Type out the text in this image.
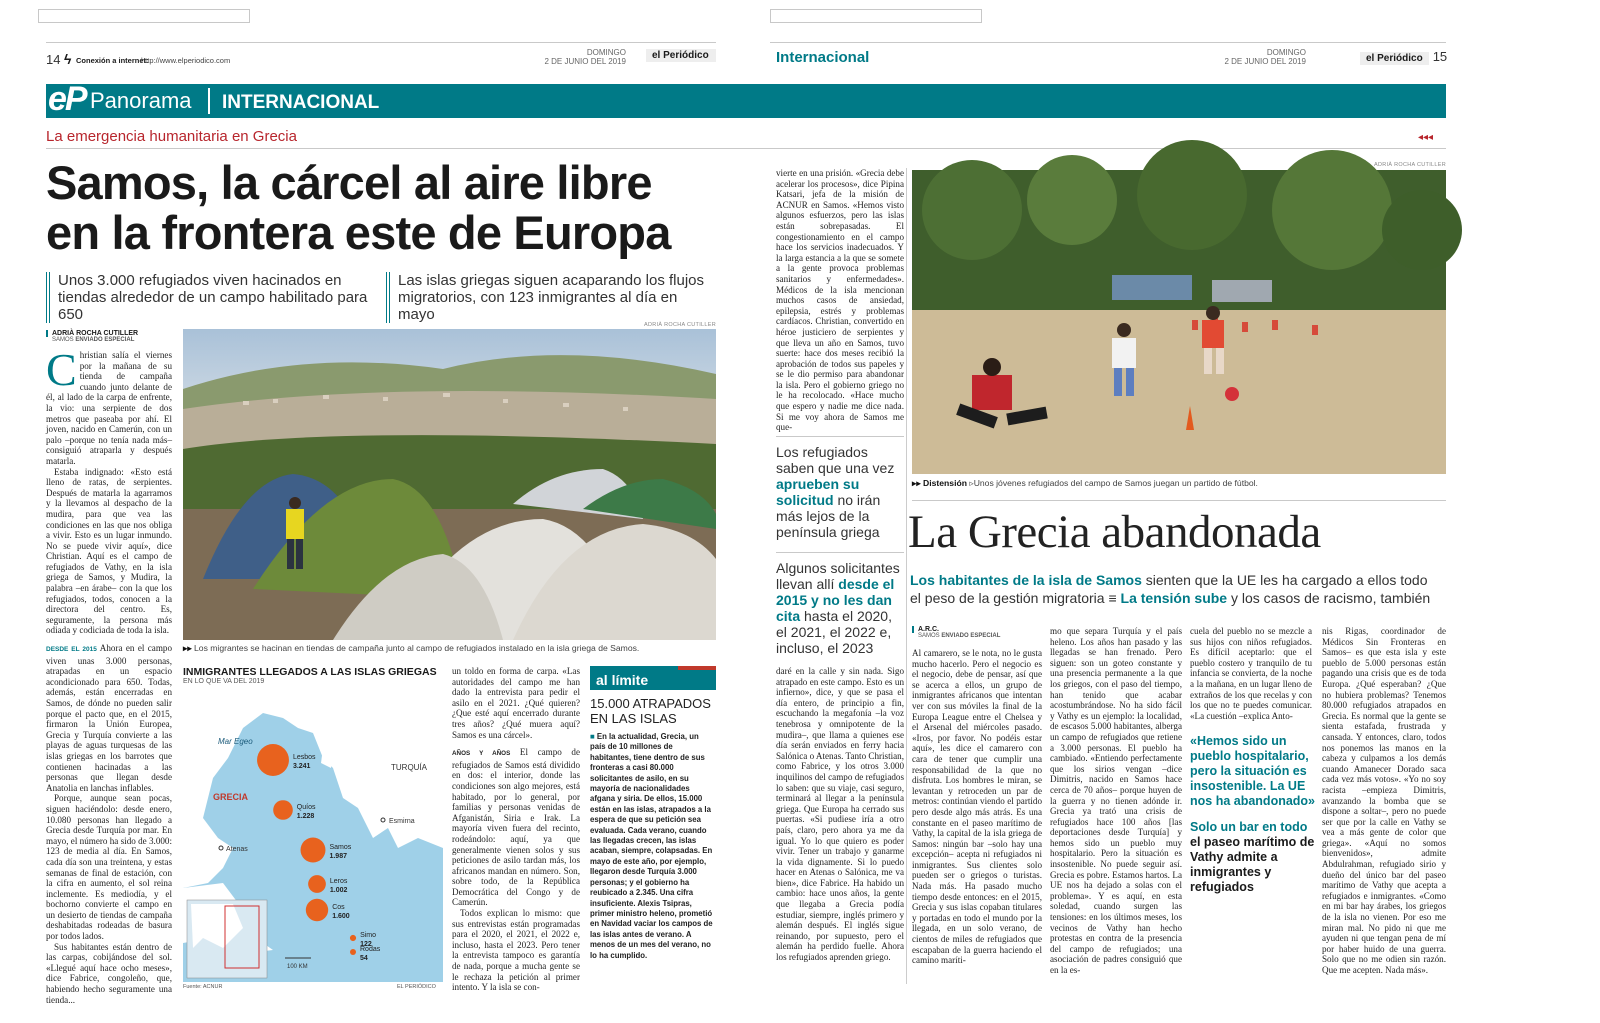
14 ϟ Conexión a internet:
http://www.elperiodico.com
DOMINGO
2 DE JUNIO DEL 2019
el Periódico
eP Panorama INTERNACIONAL
La emergencia humanitaria en Grecia	◂◂◂
Samos, la cárcel al aire libre
en la frontera este de Europa
Unos 3.000 refugiados viven hacinados en tiendas alrededor de un campo habilitado para 650
Las islas griegas siguen acaparando los flujos migratorios, con 123 inmigrantes al día en mayo
ADRIÀ ROCHA CUTILLER
SAMOS ENVIADO ESPECIAL
C hristian salía el viernes por la mañana de su tienda de campaña cuando junto delante de él, al lado de la carpa de enfrente, la vio: una serpiente de dos metros que paseaba por ahí. El joven, nacido en Camerún, con un palo –porque no tenía nada más– consiguió atraparla y después matarla.

Estaba indignado: «Esto está lleno de ratas, de serpientes. Después de matarla la agarramos y la llevamos al despacho de la mudira, para que vea las condiciones en las que nos obliga a vivir. Esto es un lugar inmundo. No se puede vivir aquí», dice Christian. Aquí es el campo de refugiados de Vathy, en la isla griega de Samos, y Mudira, la palabra –en árabe– con la que los refugiados, todos, conocen a la directora del centro. Es, seguramente, la persona más odiada y codiciada de toda la isla.

DESDE EL 2015 Ahora en el campo viven unas 3.000 personas, atrapadas en un espacio acondicionado para 650. Todas, además, están encerradas en Samos, de dónde no pueden salir porque el pacto que, en el 2015, firmaron la Unión Europea, Grecia y Turquía convierte a las playas de aguas turquesas de las islas griegas en los barrotes que contienen hacinadas a las personas que llegan desde Anatolia en lanchas inflables.

Porque, aunque sean pocas, siguen haciéndolo: desde enero, 10.080 personas han llegado a Grecia desde Turquía por mar. En mayo, el número ha sido de 3.000: 123 de media al día. En Samos, cada día son una treintena, y estas semanas de final de estación, con la cifra en aumento, el sol reina inclemente. Es mediodía, y el bochorno convierte el campo en un desierto de tiendas de campaña deshabitadas rodeadas de basura por todos lados.

Sus habitantes están dentro de las carpas, cobijándose del sol. «Llegué aquí hace ocho meses», dice Fabrice, congoleño, que, habiendo hecho seguramente una tienda...

ADRIÀ ROCHA CUTILLER
▸▸ Los migrantes se hacinan en tiendas de campaña junto al campo de refugiados instalado en la isla griega de Samos.
INMIGRANTES LLEGADOS A LAS ISLAS GRIEGAS
EN LO QUE VA DEL 2019
Mar Egeo
GRECIA
TURQUÍA
Esmirna
Atenas
100 KM
Lesbos
3.241
Quíos
1.228
Samos
1.987
Leros
1.002
Cos
1.600
Simo
122
Rodas
54
Fuente: ACNUR	EL PERIÓDICO

un toldo en forma de carpa. «Las autoridades del campo me han dado la entrevista para pedir el asilo en el 2021. ¿Qué quieren? ¿Que esté aquí encerrado durante tres años? ¿Qué muera aquí? Samos es una cárcel».

AÑOS Y AÑOS El campo de refugiados de Samos está dividido en dos: el interior, donde las condiciones son algo mejores, está habitado, por lo general, por familias y personas venidas de Afganistán, Siria e Irak. La mayoría viven fuera del recinto, rodeándolo: aquí, ya que generalmente vienen solos y sus peticiones de asilo tardan más, los africanos mandan en número. Son, sobre todo, de la República Democrática del Congo y de Camerún.

Todos explican lo mismo: que sus entrevistas están programadas para el 2020, el 2021, el 2022 e, incluso, hasta el 2023. Pero tener la entrevista tampoco es garantía de nada, porque a mucha gente se le rechaza la petición al primer intento. Y la isla se con-

al límite
15.000 ATRAPADOS EN LAS ISLAS
■ En la actualidad, Grecia, un país de 10 millones de habitantes, tiene dentro de sus fronteras a casi 80.000 solicitantes de asilo, en su mayoría de nacionalidades afgana y siria. De ellos, 15.000 están en las islas, atrapados a la espera de que su petición sea evaluada. Cada verano, cuando las llegadas crecen, las islas acaban, siempre, colapsadas. En mayo de este año, por ejemplo, llegaron desde Turquía 3.000 personas; y el gobierno ha reubicado a 2.345. Una cifra insuficiente. Alexis Tsipras, primer ministro heleno, prometió en Navidad vaciar los campos de las islas antes de verano. A menos de un mes del verano, no lo ha cumplido.
Internacional	DOMINGO
2 DE JUNIO DEL 2019	el Periódico 15
vierte en una prisión. «Grecia debe acelerar los procesos», dice Pipina Katsari, jefa de la misión de ACNUR en Samos. «Hemos visto algunos esfuerzos, pero las islas están sobrepasadas. El congestionamiento en el campo hace los servicios inadecuados. Y la larga estancia a la que se somete a la gente provoca problemas sanitarios y enfermedades». Médicos de la isla mencionan muchos casos de ansiedad, epilepsia, estrés y problemas cardíacos. Christian, convertido en héroe justiciero de serpientes y que lleva un año en Samos, tuvo suerte: hace dos meses recibió la aprobación de todos sus papeles y se le dio permiso para abandonar la isla. Pero el gobierno griego no le ha recolocado. «Hace mucho que espero y nadie me dice nada. Si me voy ahora de Samos me que-
Los refugiados saben que una vez aprueben su solicitud no irán más lejos de la península griega
Algunos solicitantes llevan allí desde el 2015 y no les dan cita hasta el 2020, el 2021, el 2022 e, incluso, el 2023
daré en la calle y sin nada. Sigo atrapado en este campo. Esto es un infierno», dice, y que se pasa el día entero, de principio a fin, escuchando la megafonía –la voz tenebrosa y omnipotente de la mudira–, que llama a quienes ese día serán enviados en ferry hacia Salónica o Atenas. Tanto Christian, como Fabrice, y los otros 3.000 inquilinos del campo de refugiados lo saben: que su viaje, casi seguro, terminará al llegar a la península griega. Que Europa ha cerrado sus puertas. «Si pudiese iría a otro país, claro, pero ahora ya me da igual. Yo lo que quiero es poder vivir. Tener un trabajo y ganarme la vida dignamente. Si lo puedo hacer en Atenas o Salónica, me va bien», dice Fabrice. Ha habido un cambio: hace unos años, la gente que llegaba a Grecia podía estudiar, siempre, inglés primero y alemán después. El inglés sigue reinando, por supuesto, pero el alemán ha perdido fuelle. Ahora los refugiados aprenden griego.
ADRIÀ ROCHA CUTILLER
▸▸ Distensión ▹Unos jóvenes refugiados del campo de Samos juegan un partido de fútbol.
La Grecia abandonada
Los habitantes de la isla de Samos sienten que la UE les ha cargado a ellos todo el peso de la gestión migratoria ≡ La tensión sube y los casos de racismo, también
A.R.C.
SAMOS ENVIADO ESPECIAL
Al camarero, se le nota, no le gusta mucho hacerlo. Pero el negocio es el negocio, debe de pensar, así que se acerca a ellos, un grupo de inmigrantes africanos que intentan ver con sus móviles la final de la Europa League entre el Chelsea y el Arsenal del miércoles pasado. «Iros, por favor. No podéis estar aquí», les dice el camarero con cara de tener que cumplir una responsabilidad de la que no disfruta. Los hombres le miran, se levantan y retroceden un par de metros: continúan viendo el partido pero desde algo más atrás. Es una constante en el paseo marítimo de Vathy, la capital de la isla griega de Samos: ningún bar –solo hay una excepción– acepta ni refugiados ni inmigrantes. Sus clientes solo pueden ser o griegos o turistas. Nada más. Ha pasado mucho tiempo desde entonces: en el 2015, Grecia y sus islas copaban titulares y portadas en todo el mundo por la llegada, en un solo verano, de cientos de miles de refugiados que escapaban de la guerra haciendo el camino maríti-
mo que separa Turquía y el país heleno. Los años han pasado y las llegadas se han frenado. Pero siguen: son un goteo constante y una presencia permanente a la que los griegos, con el paso del tiempo, han tenido que acabar acostumbrándose. No ha sido fácil y Vathy es un ejemplo: la localidad, de escasos 5.000 habitantes, alberga un campo de refugiados que retiene a 3.000 personas. El pueblo ha cambiado. «Entiendo perfectamente que los sirios vengan –dice Dimitris, nacido en Samos hace cerca de 70 años– porque huyen de la guerra y no tienen adónde ir. Grecia ya trató una crisis de refugiados hace 100 años [las deportaciones desde Turquía] y hemos sido un pueblo muy hospitalario. Pero la situación es insostenible. No puede seguir así. Grecia es pobre. Estamos hartos. La UE nos ha dejado a solas con el problema». Y es aquí, en esta soledad, cuando surgen las tensiones: en los últimos meses, los vecinos de Vathy han hecho protestas en contra de la presencia del campo de refugiados; una asociación de padres consiguió que en la es-
cuela del pueblo no se mezcle a sus hijos con niños refugiados. Es difícil aceptarlo: que el pueblo costero y tranquilo de tu infancia se convierta, de la noche a la mañana, en un lugar lleno de extraños de los que recelas y con los que no te puedes comunicar. «La cuestión –explica Anto-
«Hemos sido un pueblo hospitalario, pero la situación es insostenible. La UE nos ha abandonado»
Solo un bar en todo el paseo marítimo de Vathy admite a inmigrantes y refugiados
nis Rigas, coordinador de Médicos Sin Fronteras en Samos– es que esta isla y este pueblo de 5.000 personas están pagando una crisis que es de toda Europa. ¿Qué esperaban? ¿Que no hubiera problemas? Tenemos 80.000 refugiados atrapados en Grecia. Es normal que la gente se sienta estafada, frustrada y cansada. Y entonces, claro, todos nos ponemos las manos en la cabeza y culpamos a los demás cuando Amanecer Dorado saca cada vez más votos». «Yo no soy racista –empieza Dimitris, avanzando la bomba que se dispone a soltar–, pero no puede ser que por la calle en Vathy se vea a más gente de color que griega». «Aquí no somos bienvenidos», admite Abdulrahman, refugiado sirio y dueño del único bar del paseo marítimo de Vathy que acepta a refugiados e inmigrantes. «Como en mi bar hay árabes, los griegos de la isla no vienen. Por eso me miran mal. No pido ni que me ayuden ni que tengan pena de mí por haber huido de una guerra. Solo que no me odien sin razón. Que me acepten. Nada más».
